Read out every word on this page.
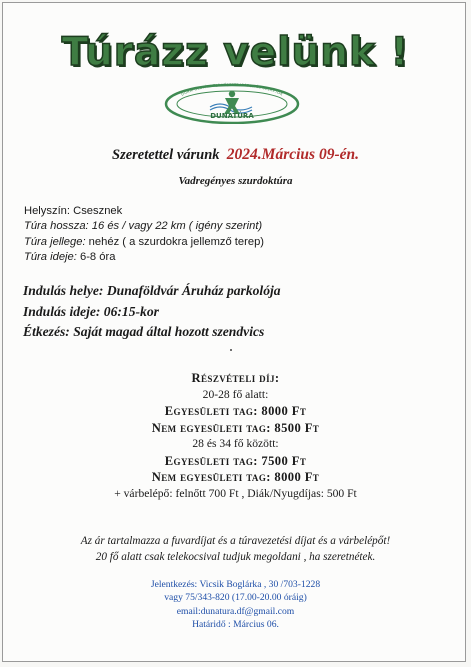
Túrázz velünk !
DUNAFÖLDVÁRI TERMÉSZETBARÁTOK ÉS SZERETŐK
DUNATÚRA
Szeretettel várunk 2024.Március 09-én.
Vadregényes szurdoktúra
Helyszín: Csesznek
Túra hossza: 16 és / vagy 22 km ( igény szerint)
Túra jellege: nehéz ( a szurdokra jellemző terep)
Túra ideje: 6-8 óra
Indulás helye: Dunaföldvár Áruház parkolója
Indulás ideje: 06:15-kor
Étkezés: Saját magad által hozott szendvics
Részvételi díj:
20-28 fő alatt:
Egyesületi tag: 8000 Ft
Nem egyesületi tag: 8500 Ft
28 és 34 fő között:
Egyesületi tag: 7500 Ft
Nem egyesületi tag: 8000 Ft
+ várbelépő: felnőtt 700 Ft , Diák/Nyugdíjas: 500 Ft
Az ár tartalmazza a fuvardíjat és a túravezetési díjat és a várbelépőt!
20 fő alatt csak telekocsival tudjuk megoldani , ha szeretnétek.
Jelentkezés: Vicsik Boglárka , 30 /703-1228
vagy 75/343-820 (17.00-20.00 óráig)
email:dunatura.df@gmail.com
Határidő : Március 06.
